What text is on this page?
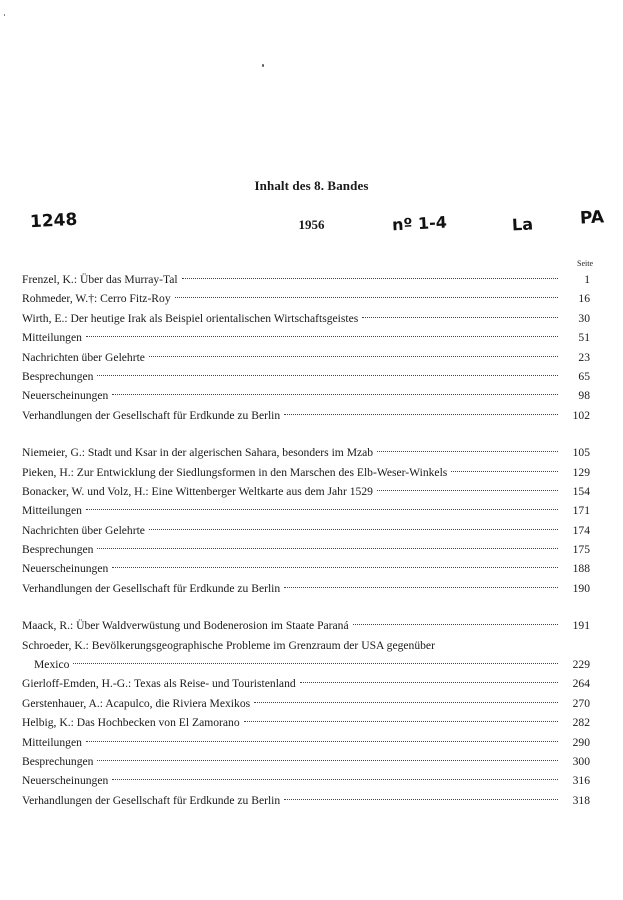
Inhalt des 8. Bandes
1956
1248	nº 1-4	La	PA
Seite
Frenzel, K.: Über das Murray-Tal	1
Rohmeder, W.†: Cerro Fitz-Roy	16
Wirth, E.: Der heutige Irak als Beispiel orientalischen Wirtschaftsgeistes	30
Mitteilungen	51
Nachrichten über Gelehrte	23
Besprechungen	65
Neuerscheinungen	98
Verhandlungen der Gesellschaft für Erdkunde zu Berlin	102
Niemeier, G.: Stadt und Ksar in der algerischen Sahara, besonders im Mzab	105
Pieken, H.: Zur Entwicklung der Siedlungsformen in den Marschen des Elb-Weser-Winkels	129
Bonacker, W. und Volz, H.: Eine Wittenberger Weltkarte aus dem Jahr 1529	154
Mitteilungen	171
Nachrichten über Gelehrte	174
Besprechungen	175
Neuerscheinungen	188
Verhandlungen der Gesellschaft für Erdkunde zu Berlin	190
Maack, R.: Über Waldverwüstung und Bodenerosion im Staate Paraná	191
Schroeder, K.: Bevölkerungsgeographische Probleme im Grenzraum der USA gegenüber
Mexico	229
Gierloff-Emden, H.-G.: Texas als Reise- und Touristenland	264
Gerstenhauer, A.: Acapulco, die Riviera Mexikos	270
Helbig, K.: Das Hochbecken von El Zamorano	282
Mitteilungen	290
Besprechungen	300
Neuerscheinungen	316
Verhandlungen der Gesellschaft für Erdkunde zu Berlin	318
